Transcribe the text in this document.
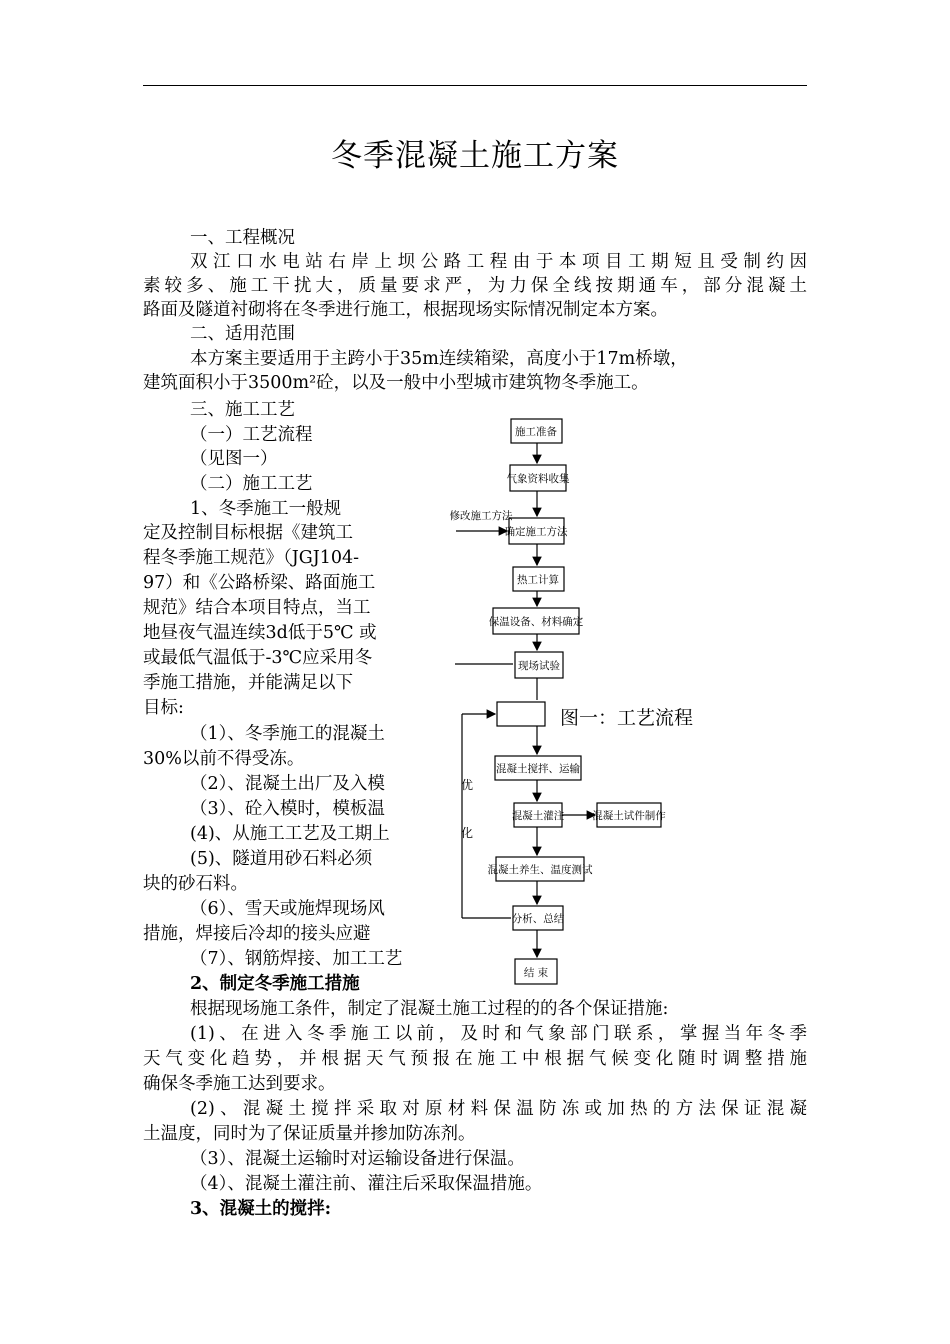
冬季混凝土施工方案
一、工程概况
双江口水电站右岸上坝公路工程由于本项目工期短且受制约因
素较多、施工干扰大，质量要求严，为力保全线按期通车，部分混凝土
路面及隧道衬砌将在冬季进行施工，根据现场实际情况制定本方案。
二、适用范围
本方案主要适用于主跨小于35m连续箱梁，高度小于17m桥墩，
建筑面积小于3500m²砼，以及一般中小型城市建筑物冬季施工。
三、施工工艺
（一）工艺流程
（见图一）
（二）施工工艺
1、冬季施工一般规
定及控制目标根据《建筑工
程冬季施工规范》（JGJ104-
97）和《公路桥梁、路面施工
规范》结合本项目特点，当工
地昼夜气温连续3d低于5℃ 或
或最低气温低于-3℃应采用冬
季施工措施，并能满足以下
目标:
（1）、冬季施工的混凝土
30%以前不得受冻。
（2）、混凝土出厂及入模
（3）、砼入模时，模板温
(4)、从施工工艺及工期上
(5)、隧道用砂石料必须
块的砂石料。
（6）、雪天或施焊现场风
措施，焊接后冷却的接头应避
（7）、钢筋焊接、加工工艺
2、制定冬季施工措施
根据现场施工条件，制定了混凝土施工过程的的各个保证措施:
(1)、在进入冬季施工以前，及时和气象部门联系，掌握当年冬季
天气变化趋势，并根据天气预报在施工中根据气候变化随时调整措施
确保冬季施工达到要求。
(2)、混凝土搅拌采取对原材料保温防冻或加热的方法保证混凝
土温度，同时为了保证质量并掺加防冻剂。
（3）、混凝土运输时对运输设备进行保温。
（4）、混凝土灌注前、灌注后采取保温措施。
3、混凝土的搅拌:
施工准备
气象资料收集
确定施工方法
热工计算
保温设备、材料确定
现场试验
混凝土搅拌、运输
混凝土灌注
混凝土养生、温度测试
分析、总结
结 束
修改施工方法
混凝土试件制作
优
化
图一：工艺流程
